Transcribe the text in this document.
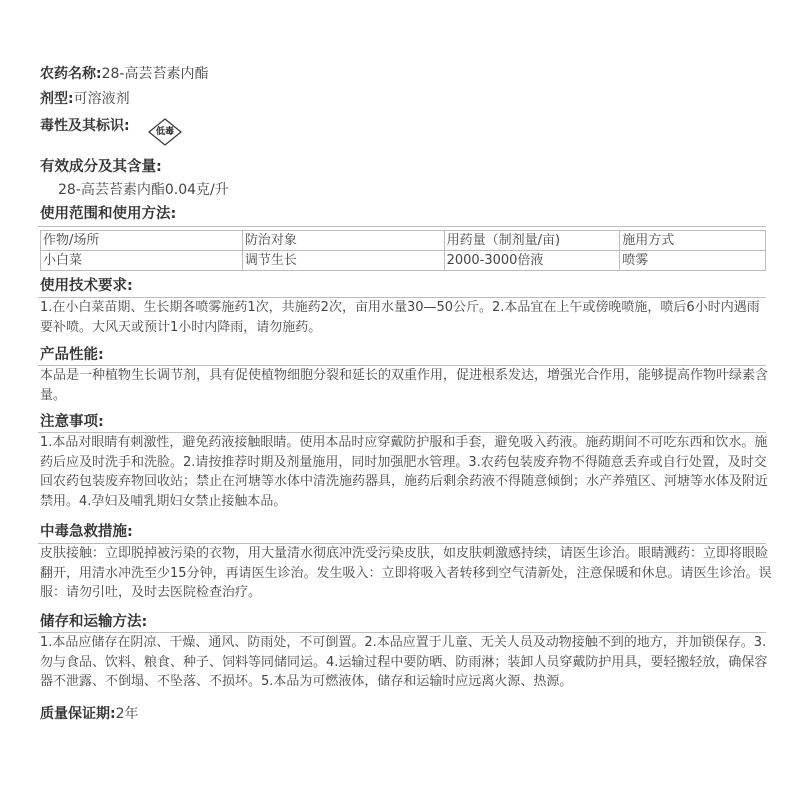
农药名称:28-高芸苔素内酯
剂型:可溶液剂
毒性及其标识:	低毒
有效成分及其含量:
28-高芸苔素内酯0.04克/升
使用范围和使用方法:
作物/场所	防治对象	用药量（制剂量/亩)	施用方式
小白菜	调节生长	2000-3000倍液	喷雾
使用技术要求:
1.在小白菜苗期、生长期各喷雾施药1次，共施药2次，亩用水量30—50公斤。2.本品宜在上午或傍晚喷施，喷后6小时内遇雨要补喷。大风天或预计1小时内降雨，请勿施药。
产品性能:
本品是一种植物生长调节剂，具有促使植物细胞分裂和延长的双重作用，促进根系发达，增强光合作用，能够提高作物叶绿素含量。
注意事项:
1.本品对眼睛有刺激性，避免药液接触眼睛。使用本品时应穿戴防护服和手套，避免吸入药液。施药期间不可吃东西和饮水。施药后应及时洗手和洗脸。2.请按推荐时期及剂量施用，同时加强肥水管理。3.农药包装废弃物不得随意丢弃或自行处置，及时交回农药包装废弃物回收站；禁止在河塘等水体中清洗施药器具，施药后剩余药液不得随意倾倒；水产养殖区、河塘等水体及附近禁用。4.孕妇及哺乳期妇女禁止接触本品。
中毒急救措施:
皮肤接触：立即脱掉被污染的衣物，用大量清水彻底冲洗受污染皮肤，如皮肤刺激感持续，请医生诊治。眼睛溅药：立即将眼睑翻开，用清水冲洗至少15分钟，再请医生诊治。发生吸入：立即将吸入者转移到空气清新处，注意保暖和休息。请医生诊治。误服：请勿引吐，及时去医院检查治疗。
储存和运输方法:
1.本品应储存在阴凉、干燥、通风、防雨处，不可倒置。2.本品应置于儿童、无关人员及动物接触不到的地方，并加锁保存。3.勿与食品、饮料、粮食、种子、饲料等同储同运。4.运输过程中要防晒、防雨淋；装卸人员穿戴防护用具，要轻搬轻放，确保容器不泄露、不倒塌、不坠落、不损坏。5.本品为可燃液体，储存和运输时应远离火源、热源。
质量保证期:2年
